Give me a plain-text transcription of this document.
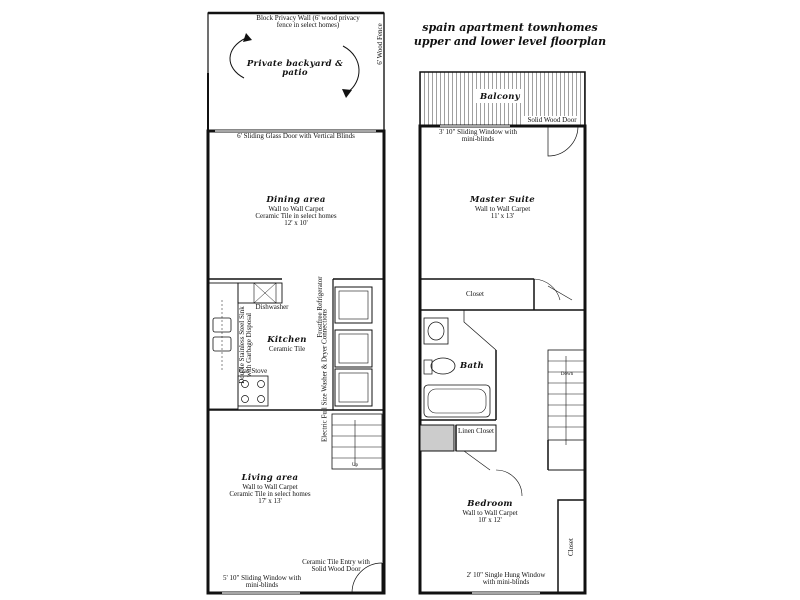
spain apartment townhomes
upper and lower level floorplan
Block Privacy Wall (6' wood privacy fence in select homes)
Private backyard & patio
6' Wood Fence
6' Sliding Glass Door with Vertical Blinds
Dining area
Wall to Wall Carpet
Ceramic Tile in select homes
12' x 10'
Dishwasher
Kitchen
Ceramic Tile
Double Stainless Steel Sink with Garbage Disposal
Gas Stove
Frostfree Refrigerator
Electric Full Size Washer & Dryer Connections
Up
Living area
Wall to Wall Carpet
Ceramic Tile in select homes
17' x 13'
Ceramic Tile Entry with Solid Wood Door
5' 10" Sliding Window with mini-blinds
Balcony
Solid Wood Door
3' 10" Sliding Window with mini-blinds
Master Suite
Wall to Wall Carpet
11' x 13'
Closet
Bath
Linen Closet
Down
Bedroom
Wall to Wall Carpet
10' x 12'
Closet
2' 10" Single Hung Window with mini-blinds
